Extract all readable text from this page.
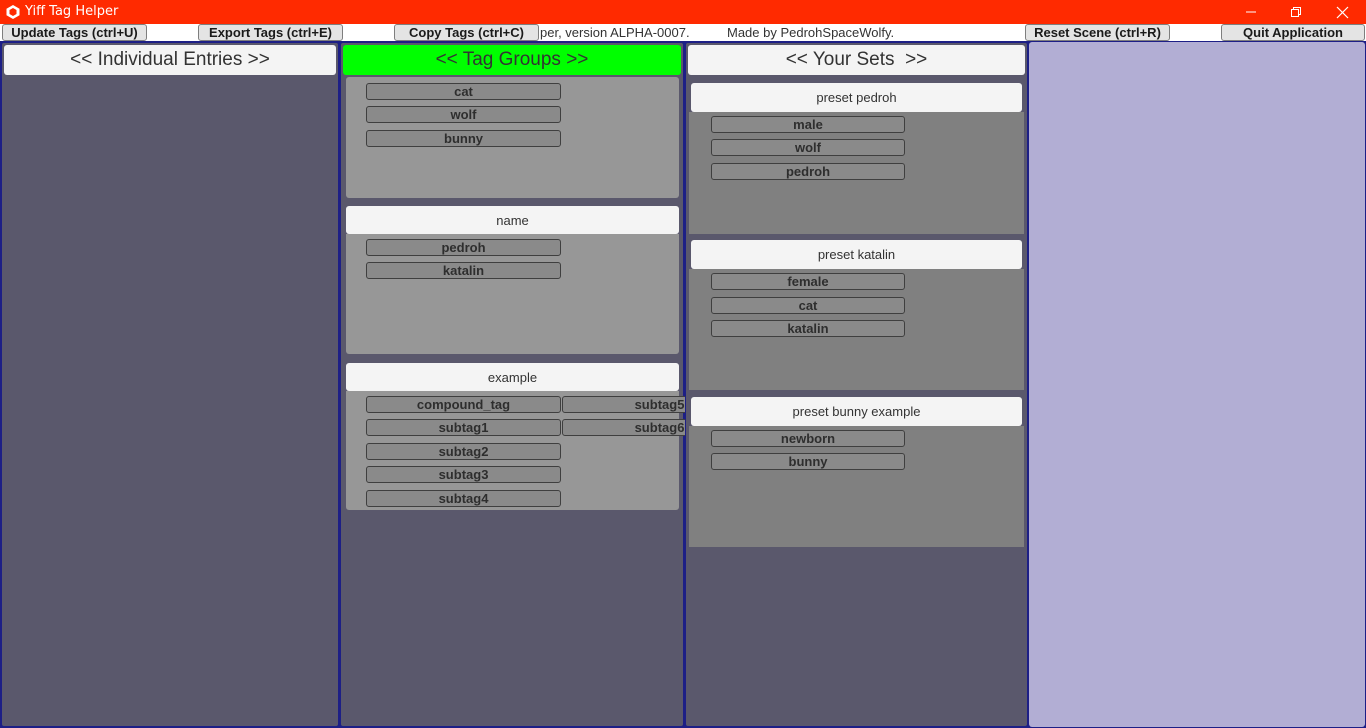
Yiff Tag Helper
Update Tags (ctrl+U)	Export Tags (ctrl+E)	Copy Tags (ctrl+C)	per, version ALPHA-0007.	Made by PedrohSpaceWolfy.	Reset Scene (ctrl+R)	Quit Application
<< Individual Entries >>	<< Tag Groups >>
cat
wolf
bunny
name
pedroh
katalin
example
compound_tag
subtag1
subtag2
subtag3
subtag4
subtag5
subtag6
<< Your Sets  >>
preset pedroh
male
wolf
pedroh
preset katalin
female
cat
katalin
preset bunny example
newborn
bunny
